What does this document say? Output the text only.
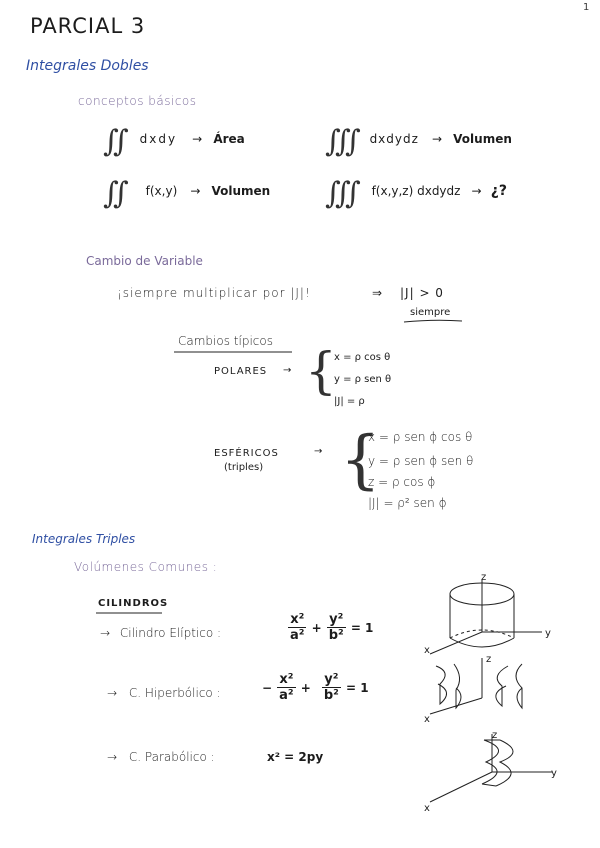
1
PARCIAL 3
Integrales Dobles
conceptos básicos
∬ $^{dxdy}$ → $^{Área}$	∭ $^{dxdydz}$ → $^{Volumen}$
∬ $^{f(x,y)}$ → $^{Volumen}$ ∭ $^{f(x,y,z) dxdydz}$ → ¿?
Cambio de Variable
¡siempre multiplicar por |J|!	⇒ |J| > 0
siempre
Cambios típicos
POLARES → {
x = ρ cos θ
y = ρ sen θ
|J| = ρ
ESFÉRICOS
(triples)
→ {
x = ρ sen ϕ cos θ
y = ρ sen ϕ sen θ
z = ρ cos ϕ
|J| = ρ² sen ϕ
Integrales Triples
Volúmenes Comunes :
CILINDROS
→ Cilindro Elíptico :	$\frac{\text{x²}}{\text{a²}} + \frac{\text{y²}}{\text{b²}} = 1$
→ C. Hiperbólico :	− $\frac{\text{x²}}{\text{a²}} + \frac{\text{y²}}{\text{b²}} = 1$
→ C. Parabólico :	x² = 2py
z
y
x
z
x
z
y
x
